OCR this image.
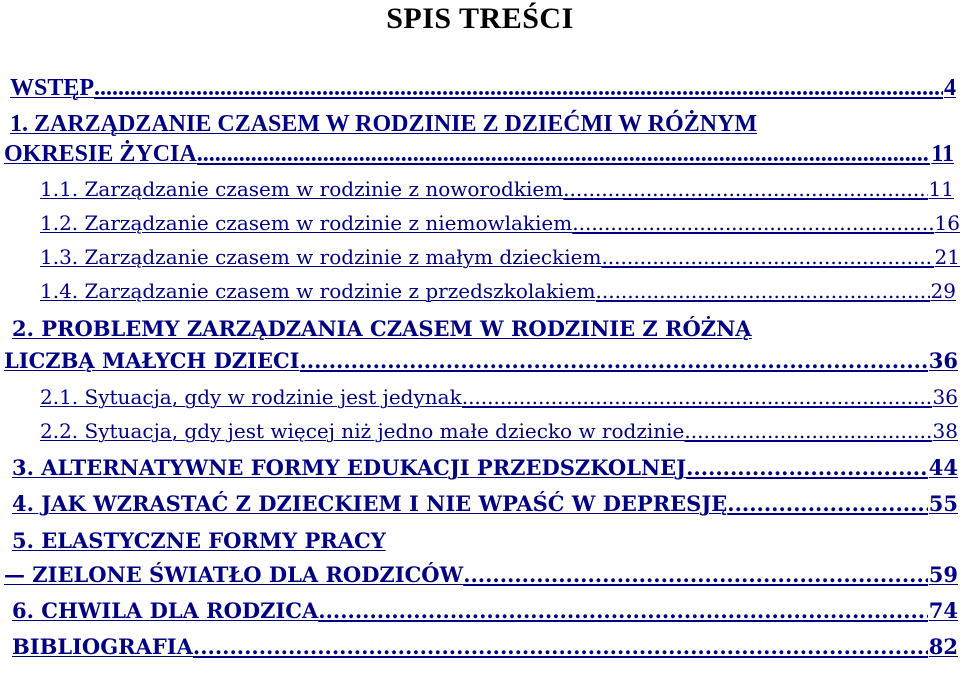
SPIS TREŚCI
WSTĘP .....	4
1. ZARZĄDZANIE CZASEM W RODZINIE Z DZIEĆMI W RÓŻNYM
OKRESIE ŻYCIA .....	11
1.1. Zarządzanie czasem w rodzinie z noworodkiem .....	11
1.2. Zarządzanie czasem w rodzinie z niemowlakiem .....	16
1.3. Zarządzanie czasem w rodzinie z małym dzieckiem .....	21
1.4. Zarządzanie czasem w rodzinie z przedszkolakiem .....	29
2. PROBLEMY ZARZĄDZANIA CZASEM W RODZINIE Z RÓŻNĄ
LICZBĄ MAŁYCH DZIECI .....	36
2.1. Sytuacja, gdy w rodzinie jest jedynak .....	36
2.2. Sytuacja, gdy jest więcej niż jedno małe dziecko w rodzinie .....	38
3. ALTERNATYWNE FORMY EDUKACJI PRZEDSZKOLNEJ .....	44
4. JAK WZRASTAĆ Z DZIECKIEM I NIE WPAŚĆ W DEPRESJĘ .....	55
5. ELASTYCZNE FORMY PRACY
— ZIELONE ŚWIATŁO DLA RODZICÓW .....	59
6. CHWILA DLA RODZICA .....	74
BIBLIOGRAFIA .....	82
